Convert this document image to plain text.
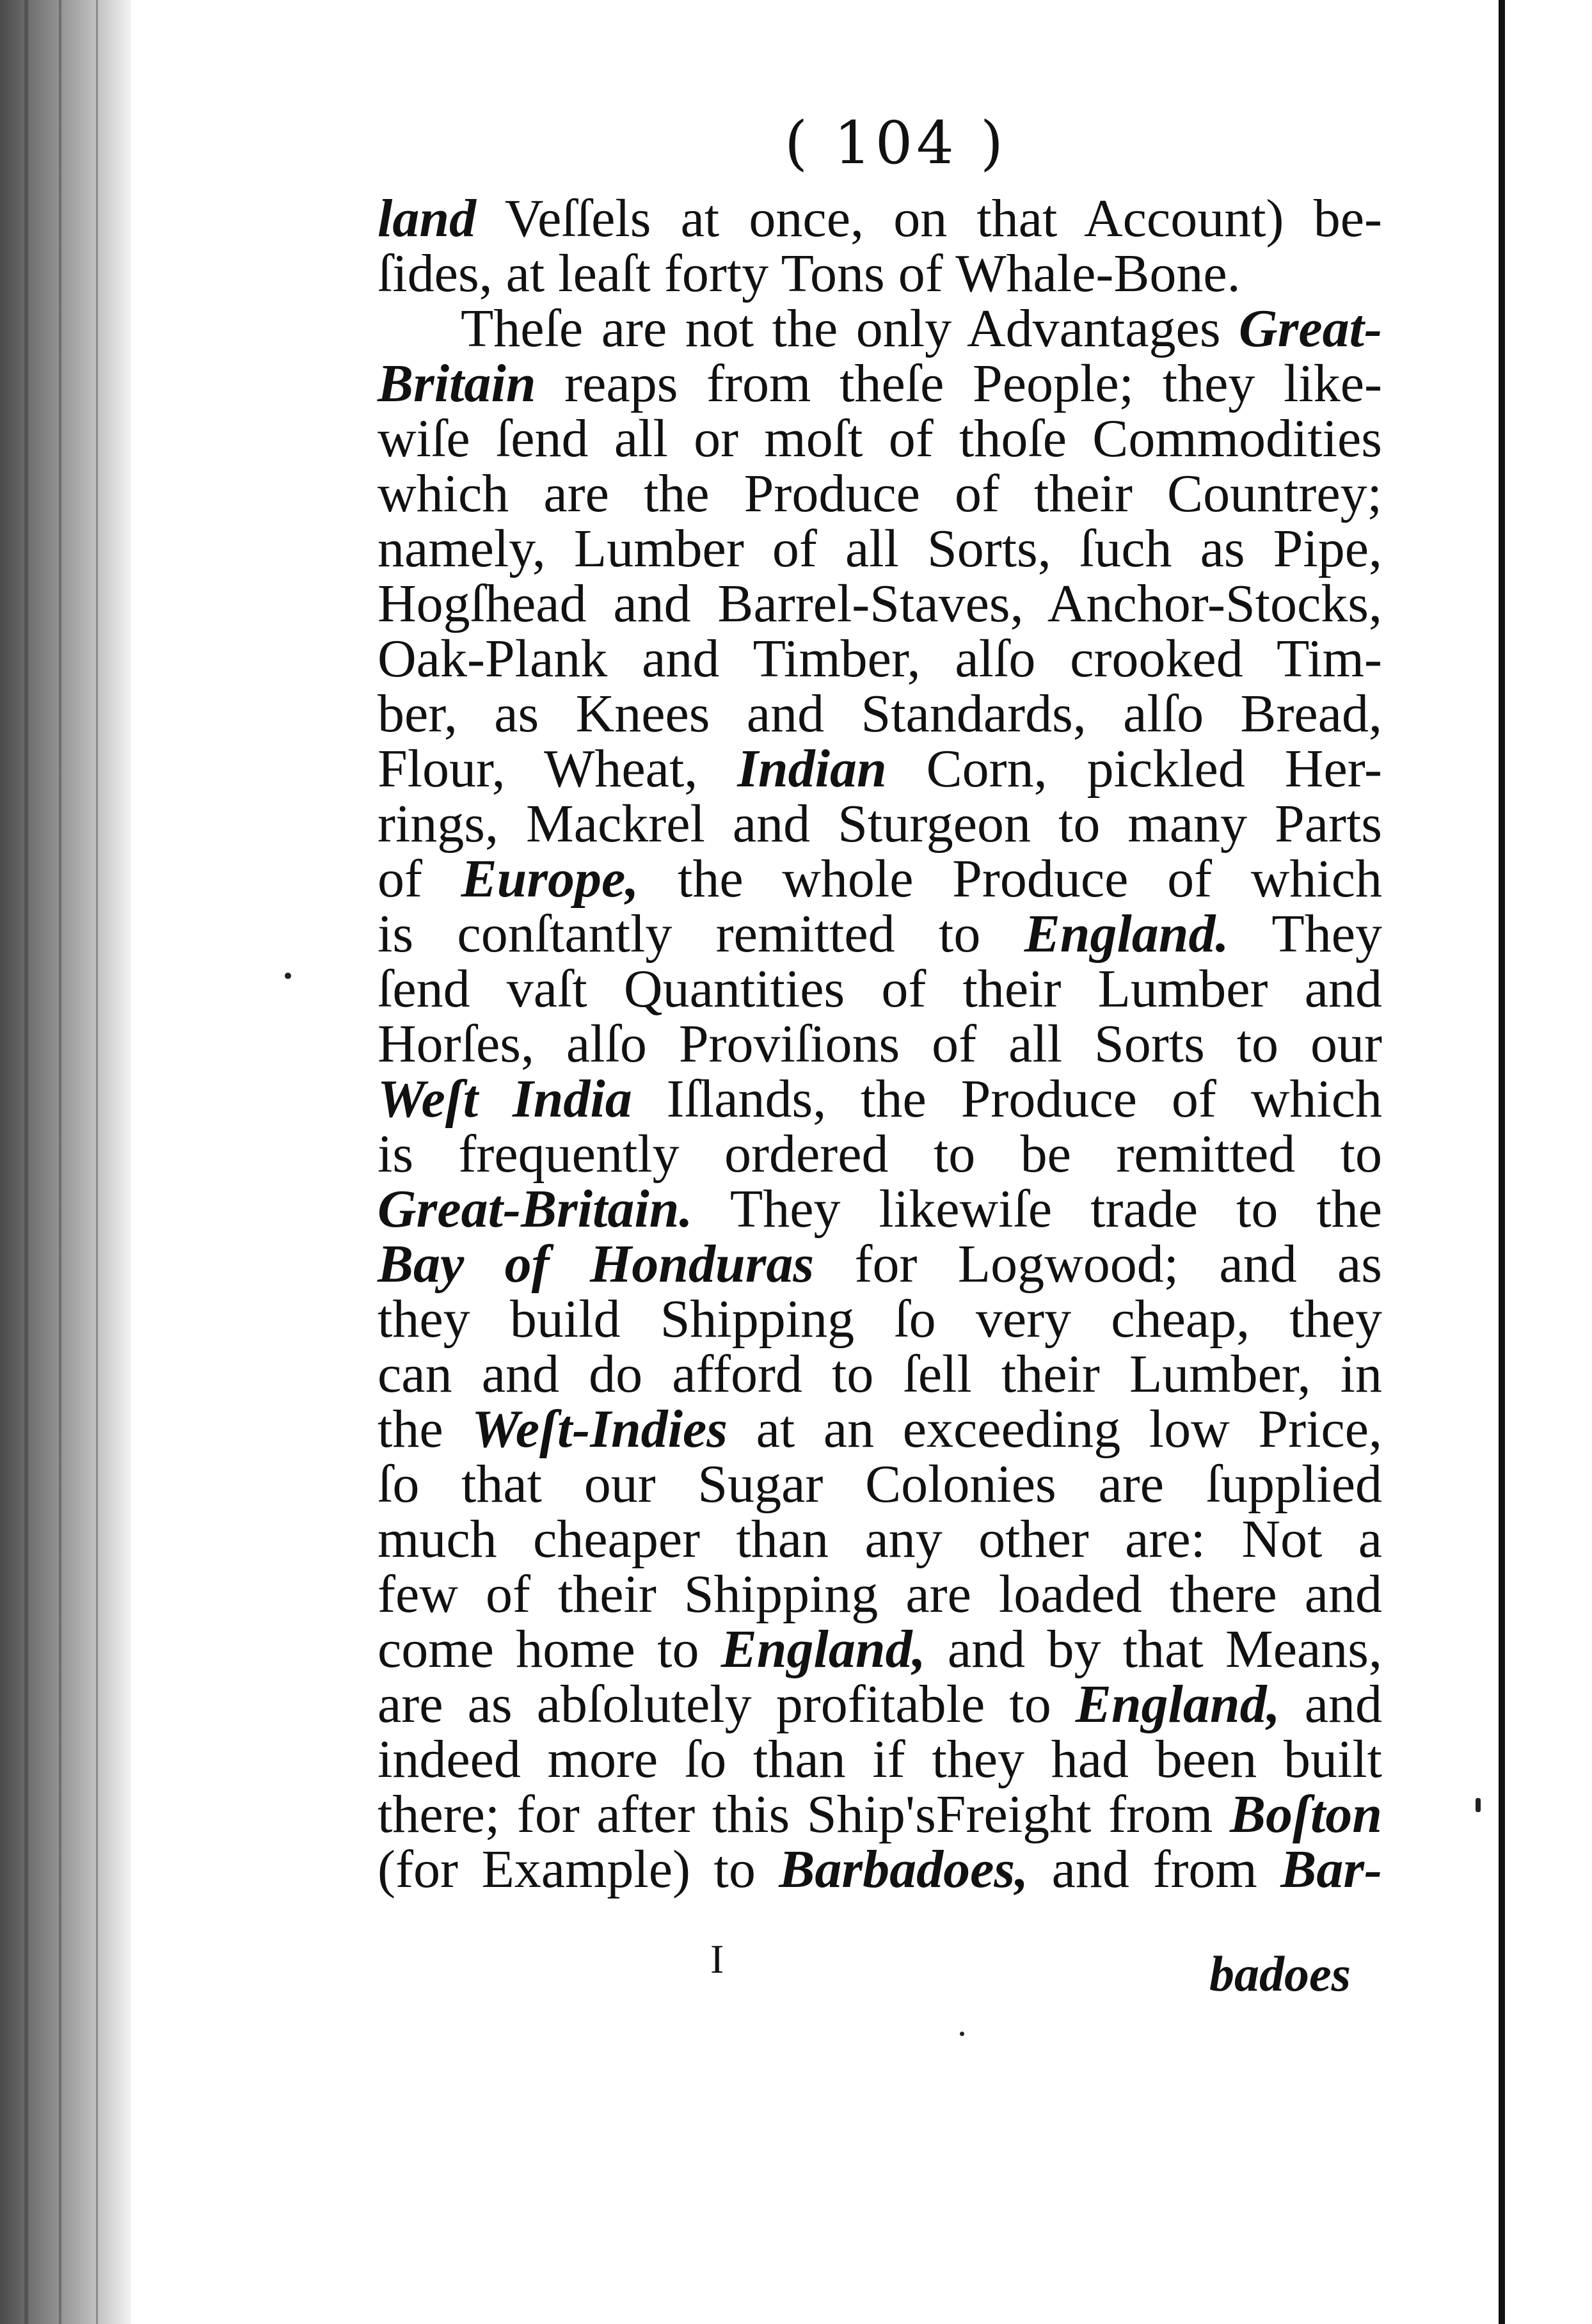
( 104 )
land Veſſels at once, on that Account) be-
ſides, at leaſt forty Tons of Whale-Bone.
Theſe are not the only Advantages Great-
Britain reaps from theſe People; they like-
wiſe ſend all or moſt of thoſe Commodities
which are the Produce of their Countrey;
namely, Lumber of all Sorts, ſuch as Pipe,
Hogſhead and Barrel-Staves, Anchor-Stocks,
Oak-Plank and Timber, alſo crooked Tim-
ber, as Knees and Standards, alſo Bread,
Flour, Wheat, Indian Corn, pickled Her-
rings, Mackrel and Sturgeon to many Parts
of Europe, the whole Produce of which
is conſtantly remitted to England. They
ſend vaſt Quantities of their Lumber and
Horſes, alſo Proviſions of all Sorts to our
Weſt India Iſlands, the Produce of which
is frequently ordered to be remitted to
Great-Britain. They likewiſe trade to the
Bay of Honduras for Logwood; and as
they build Shipping ſo very cheap, they
can and do afford to ſell their Lumber, in
the Weſt-Indies at an exceeding low Price,
ſo that our Sugar Colonies are ſupplied
much cheaper than any other are: Not a
few of their Shipping are loaded there and
come home to England, and by that Means,
are as abſolutely profitable to England, and
indeed more ſo than if they had been built
there; for after this Ship'sFreight from Boſton
(for Example) to Barbadoes, and from Bar-
I	badoes
